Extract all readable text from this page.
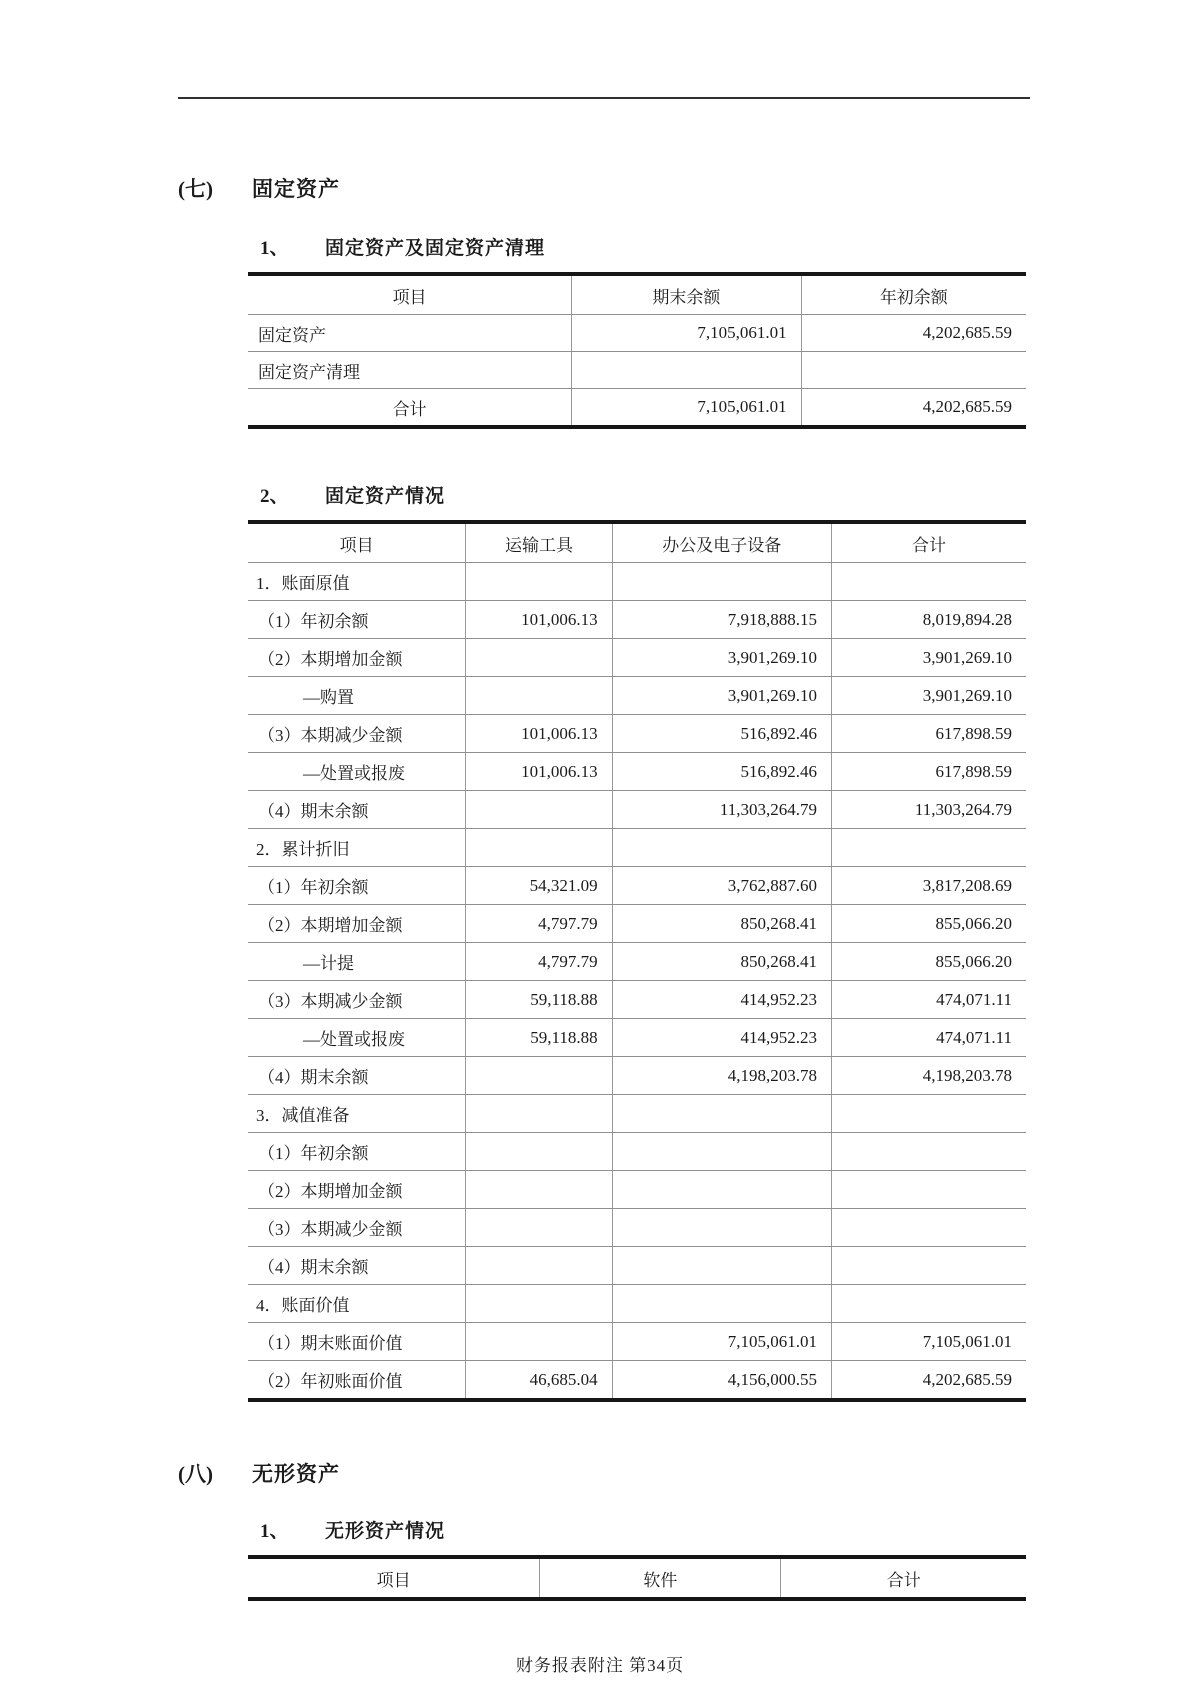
(七) 固定资产
1、 固定资产及固定资产清理
项目	期末余额	年初余额
固定资产	7,105,061.01	4,202,685.59
固定资产清理		
合计	7,105,061.01	4,202,685.59
2、 固定资产情况
项目	运输工具	办公及电子设备	合计
1．账面原值			
（1）年初余额	101,006.13	7,918,888.15	8,019,894.28
（2）本期增加金额		3,901,269.10	3,901,269.10
—购置		3,901,269.10	3,901,269.10
（3）本期减少金额	101,006.13	516,892.46	617,898.59
—处置或报废	101,006.13	516,892.46	617,898.59
（4）期末余额		11,303,264.79	11,303,264.79
2．累计折旧			
（1）年初余额	54,321.09	3,762,887.60	3,817,208.69
（2）本期增加金额	4,797.79	850,268.41	855,066.20
—计提	4,797.79	850,268.41	855,066.20
（3）本期减少金额	59,118.88	414,952.23	474,071.11
—处置或报废	59,118.88	414,952.23	474,071.11
（4）期末余额		4,198,203.78	4,198,203.78
3．减值准备			
（1）年初余额			
（2）本期增加金额			
（3）本期减少金额			
（4）期末余额			
4．账面价值			
（1）期末账面价值		7,105,061.01	7,105,061.01
（2）年初账面价值	46,685.04	4,156,000.55	4,202,685.59
(八) 无形资产
1、 无形资产情况
项目	软件	合计
财务报表附注 第34页
